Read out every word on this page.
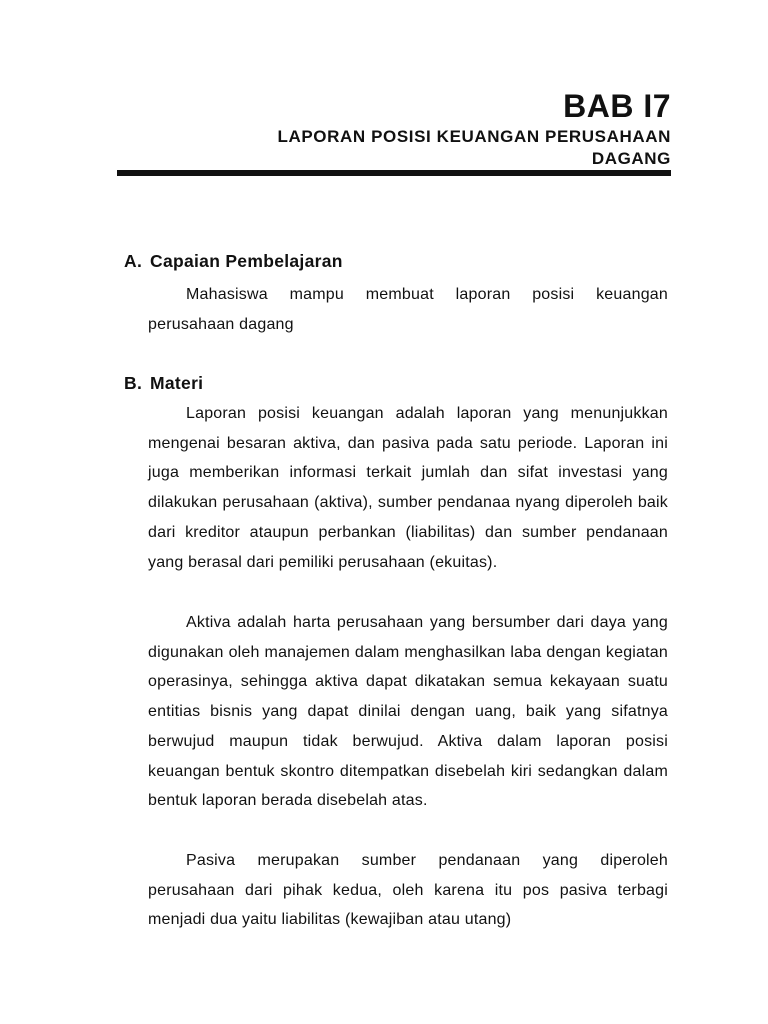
BAB I7
LAPORAN POSISI KEUANGAN PERUSAHAAN
DAGANG
A. Capaian Pembelajaran

Mahasiswa mampu membuat laporan posisi keuangan perusahaan dagang

B. Materi

Laporan posisi keuangan adalah laporan yang menunjukkan mengenai besaran aktiva, dan pasiva pada satu periode. Laporan ini juga memberikan informasi terkait jumlah dan sifat investasi yang dilakukan perusahaan (aktiva), sumber pendanaa nyang diperoleh baik dari kreditor ataupun perbankan (liabilitas) dan sumber pendanaan yang berasal dari pemiliki perusahaan (ekuitas).

Aktiva adalah harta perusahaan yang bersumber dari daya yang digunakan oleh manajemen dalam menghasilkan laba dengan kegiatan operasinya, sehingga aktiva dapat dikatakan semua kekayaan suatu entitias bisnis yang dapat dinilai dengan uang, baik yang sifatnya berwujud maupun tidak berwujud. Aktiva dalam laporan posisi keuangan bentuk skontro ditempatkan disebelah kiri sedangkan dalam bentuk laporan berada disebelah atas.

Pasiva merupakan sumber pendanaan yang diperoleh perusahaan dari pihak kedua, oleh karena itu pos pasiva terbagi menjadi dua yaitu liabilitas (kewajiban atau utang)
